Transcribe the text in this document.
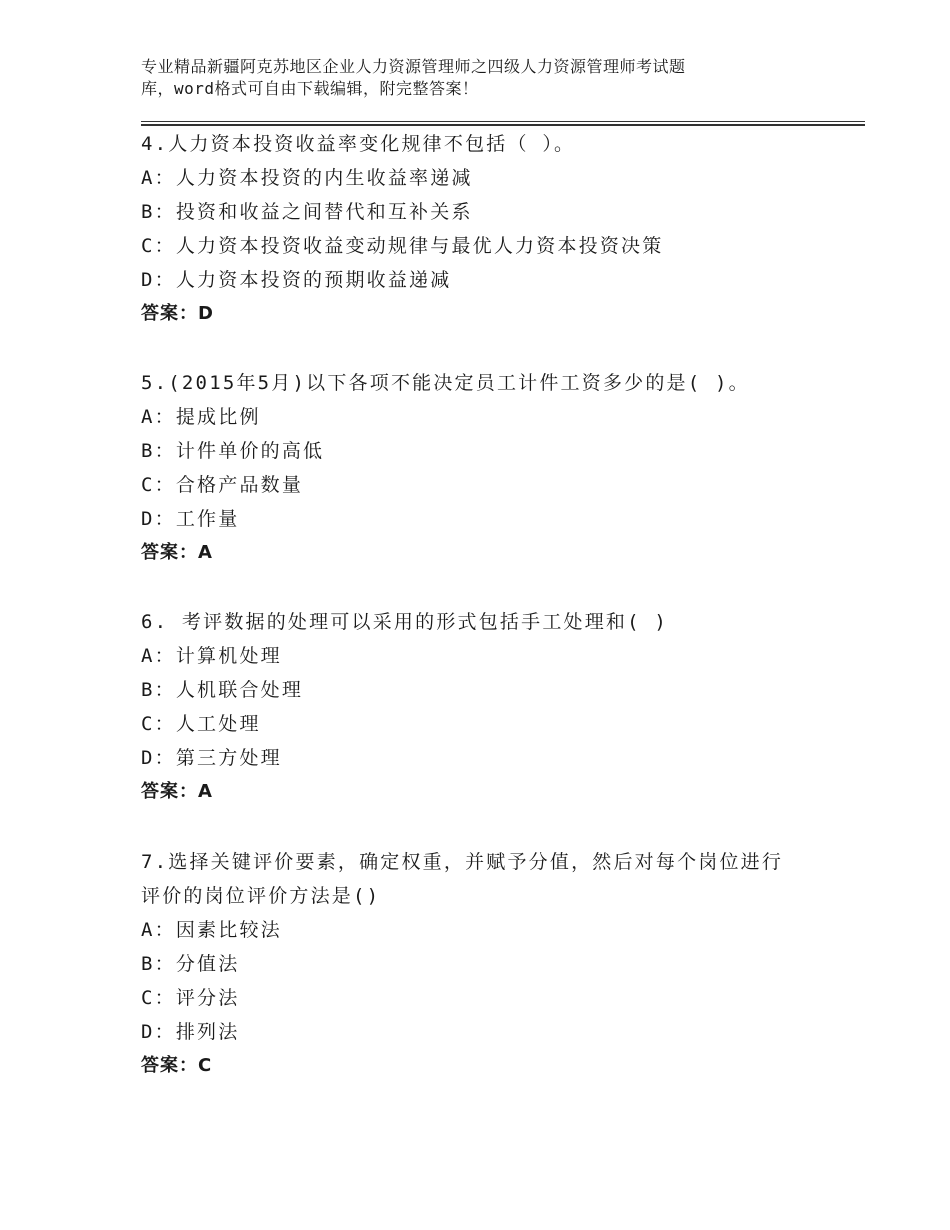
专业精品新疆阿克苏地区企业人力资源管理师之四级人力资源管理师考试题
库，word格式可自由下载编辑，附完整答案！
4.人力资本投资收益率变化规律不包括（ ）。
A：人力资本投资的内生收益率递减
B：投资和收益之间替代和互补关系
C：人力资本投资收益变动规律与最优人力资本投资决策
D：人力资本投资的预期收益递减
答案：D
5.(2015年5月)以下各项不能决定员工计件工资多少的是( )。
A：提成比例
B：计件单价的高低
C：合格产品数量
D：工作量
答案：A
6. 考评数据的处理可以采用的形式包括手工处理和( )
A：计算机处理
B：人机联合处理
C：人工处理
D：第三方处理
答案：A
7.选择关键评价要素，确定权重，并赋予分值，然后对每个岗位进行
评价的岗位评价方法是()
A：因素比较法
B：分值法
C：评分法
D：排列法
答案：C
